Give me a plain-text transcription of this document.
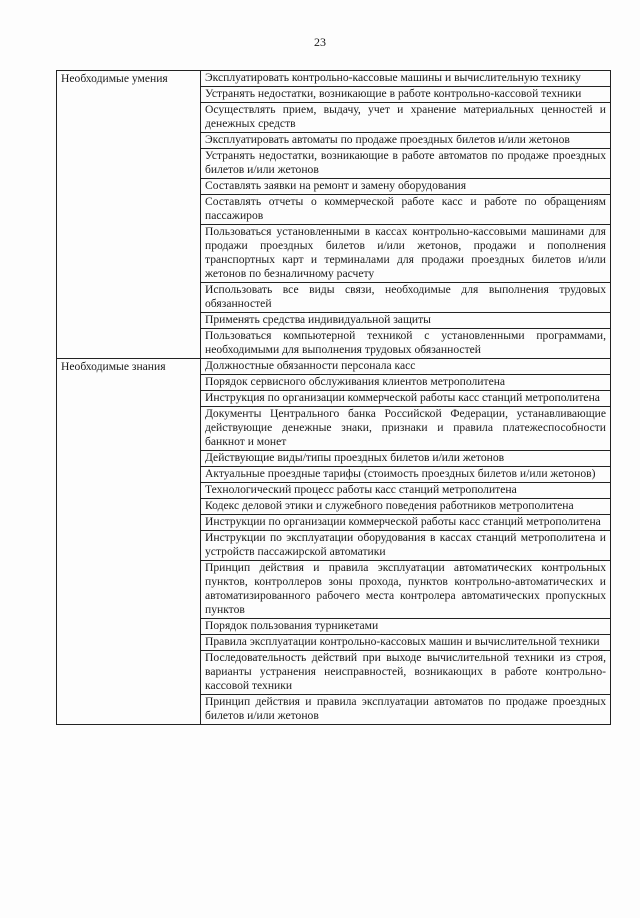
23
Необходимые умения	Эксплуатировать контрольно-кассовые машины и вычислительную технику
	Устранять недостатки, возникающие в работе контрольно-кассовой техники
	Осуществлять прием, выдачу, учет и хранение материальных ценностей и денежных средств
	Эксплуатировать автоматы по продаже проездных билетов и/или жетонов
	Устранять недостатки, возникающие в работе автоматов по продаже проездных билетов и/или жетонов
	Составлять заявки на ремонт и замену оборудования
	Составлять отчеты о коммерческой работе касс и работе по обращениям пассажиров
	Пользоваться установленными в кассах контрольно-кассовыми машинами для продажи проездных билетов и/или жетонов, продажи и пополнения транспортных карт и терминалами для продажи проездных билетов и/или жетонов по безналичному расчету
	Использовать все виды связи, необходимые для выполнения трудовых обязанностей
	Применять средства индивидуальной защиты
	Пользоваться компьютерной техникой с установленными программами, необходимыми для выполнения трудовых обязанностей
Необходимые знания	Должностные обязанности персонала касс
	Порядок сервисного обслуживания клиентов метрополитена
	Инструкция по организации коммерческой работы касс станций метрополитена
	Документы Центрального банка Российской Федерации, устанавливающие действующие денежные знаки, признаки и правила платежеспособности банкнот и монет
	Действующие виды/типы проездных билетов и/или жетонов
	Актуальные проездные тарифы (стоимость проездных билетов и/или жетонов)
	Технологический процесс работы касс станций метрополитена
	Кодекс деловой этики и служебного поведения работников метрополитена
	Инструкции по организации коммерческой работы касс станций метрополитена
	Инструкции по эксплуатации оборудования в кассах станций метрополитена и устройств пассажирской автоматики
	Принцип действия и правила эксплуатации автоматических контрольных пунктов, контроллеров зоны прохода, пунктов контрольно-автоматических и автоматизированного рабочего места контролера автоматических пропускных пунктов
	Порядок пользования турникетами
	Правила эксплуатации контрольно-кассовых машин и вычислительной техники
	Последовательность действий при выходе вычислительной техники из строя, варианты устранения неисправностей, возникающих в работе контрольно-кассовой техники
	Принцип действия и правила эксплуатации автоматов по продаже проездных билетов и/или жетонов
